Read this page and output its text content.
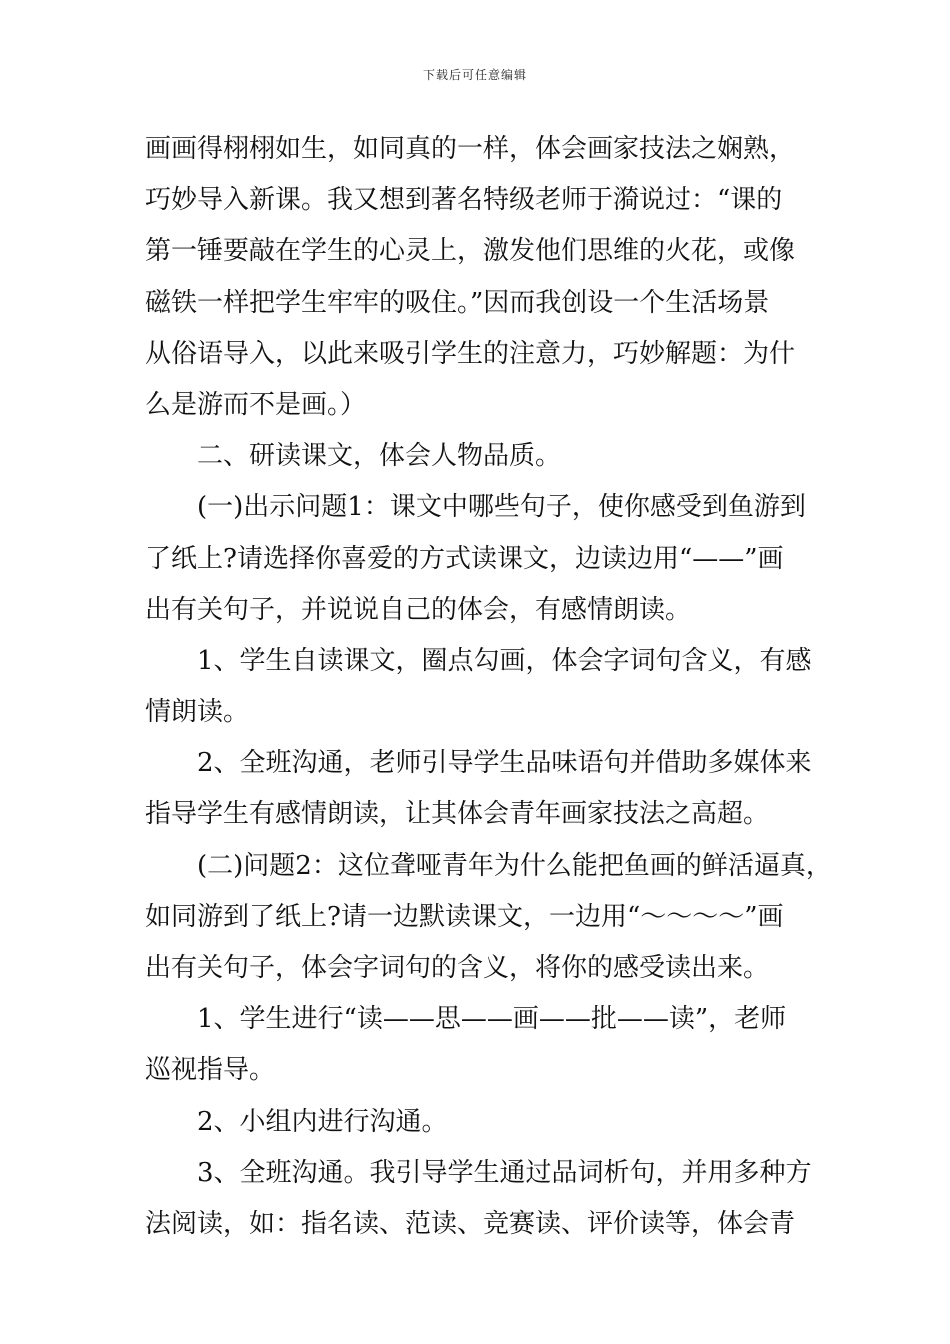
下载后可任意编辑
画画得栩栩如生，如同真的一样，体会画家技法之娴熟，
巧妙导入新课。我又想到著名特级老师于漪说过：“课的
第一锤要敲在学生的心灵上，激发他们思维的火花，或像
磁铁一样把学生牢牢的吸住。”因而我创设一个生活场景
从俗语导入，以此来吸引学生的注意力，巧妙解题：为什
么是游而不是画。）
二、研读课文，体会人物品质。
(一)出示问题1：课文中哪些句子，使你感受到鱼游到
了纸上?请选择你喜爱的方式读课文，边读边用“——”画
出有关句子，并说说自己的体会，有感情朗读。
1、学生自读课文，圈点勾画，体会字词句含义，有感
情朗读。
2、全班沟通，老师引导学生品味语句并借助多媒体来
指导学生有感情朗读，让其体会青年画家技法之高超。
(二)问题2：这位聋哑青年为什么能把鱼画的鲜活逼真，
如同游到了纸上?请一边默读课文，一边用“～～～～”画
出有关句子，体会字词句的含义，将你的感受读出来。
1、学生进行“读——思——画——批——读”，老师
巡视指导。
2、小组内进行沟通。
3、全班沟通。我引导学生通过品词析句，并用多种方
法阅读，如：指名读、范读、竞赛读、评价读等，体会青
